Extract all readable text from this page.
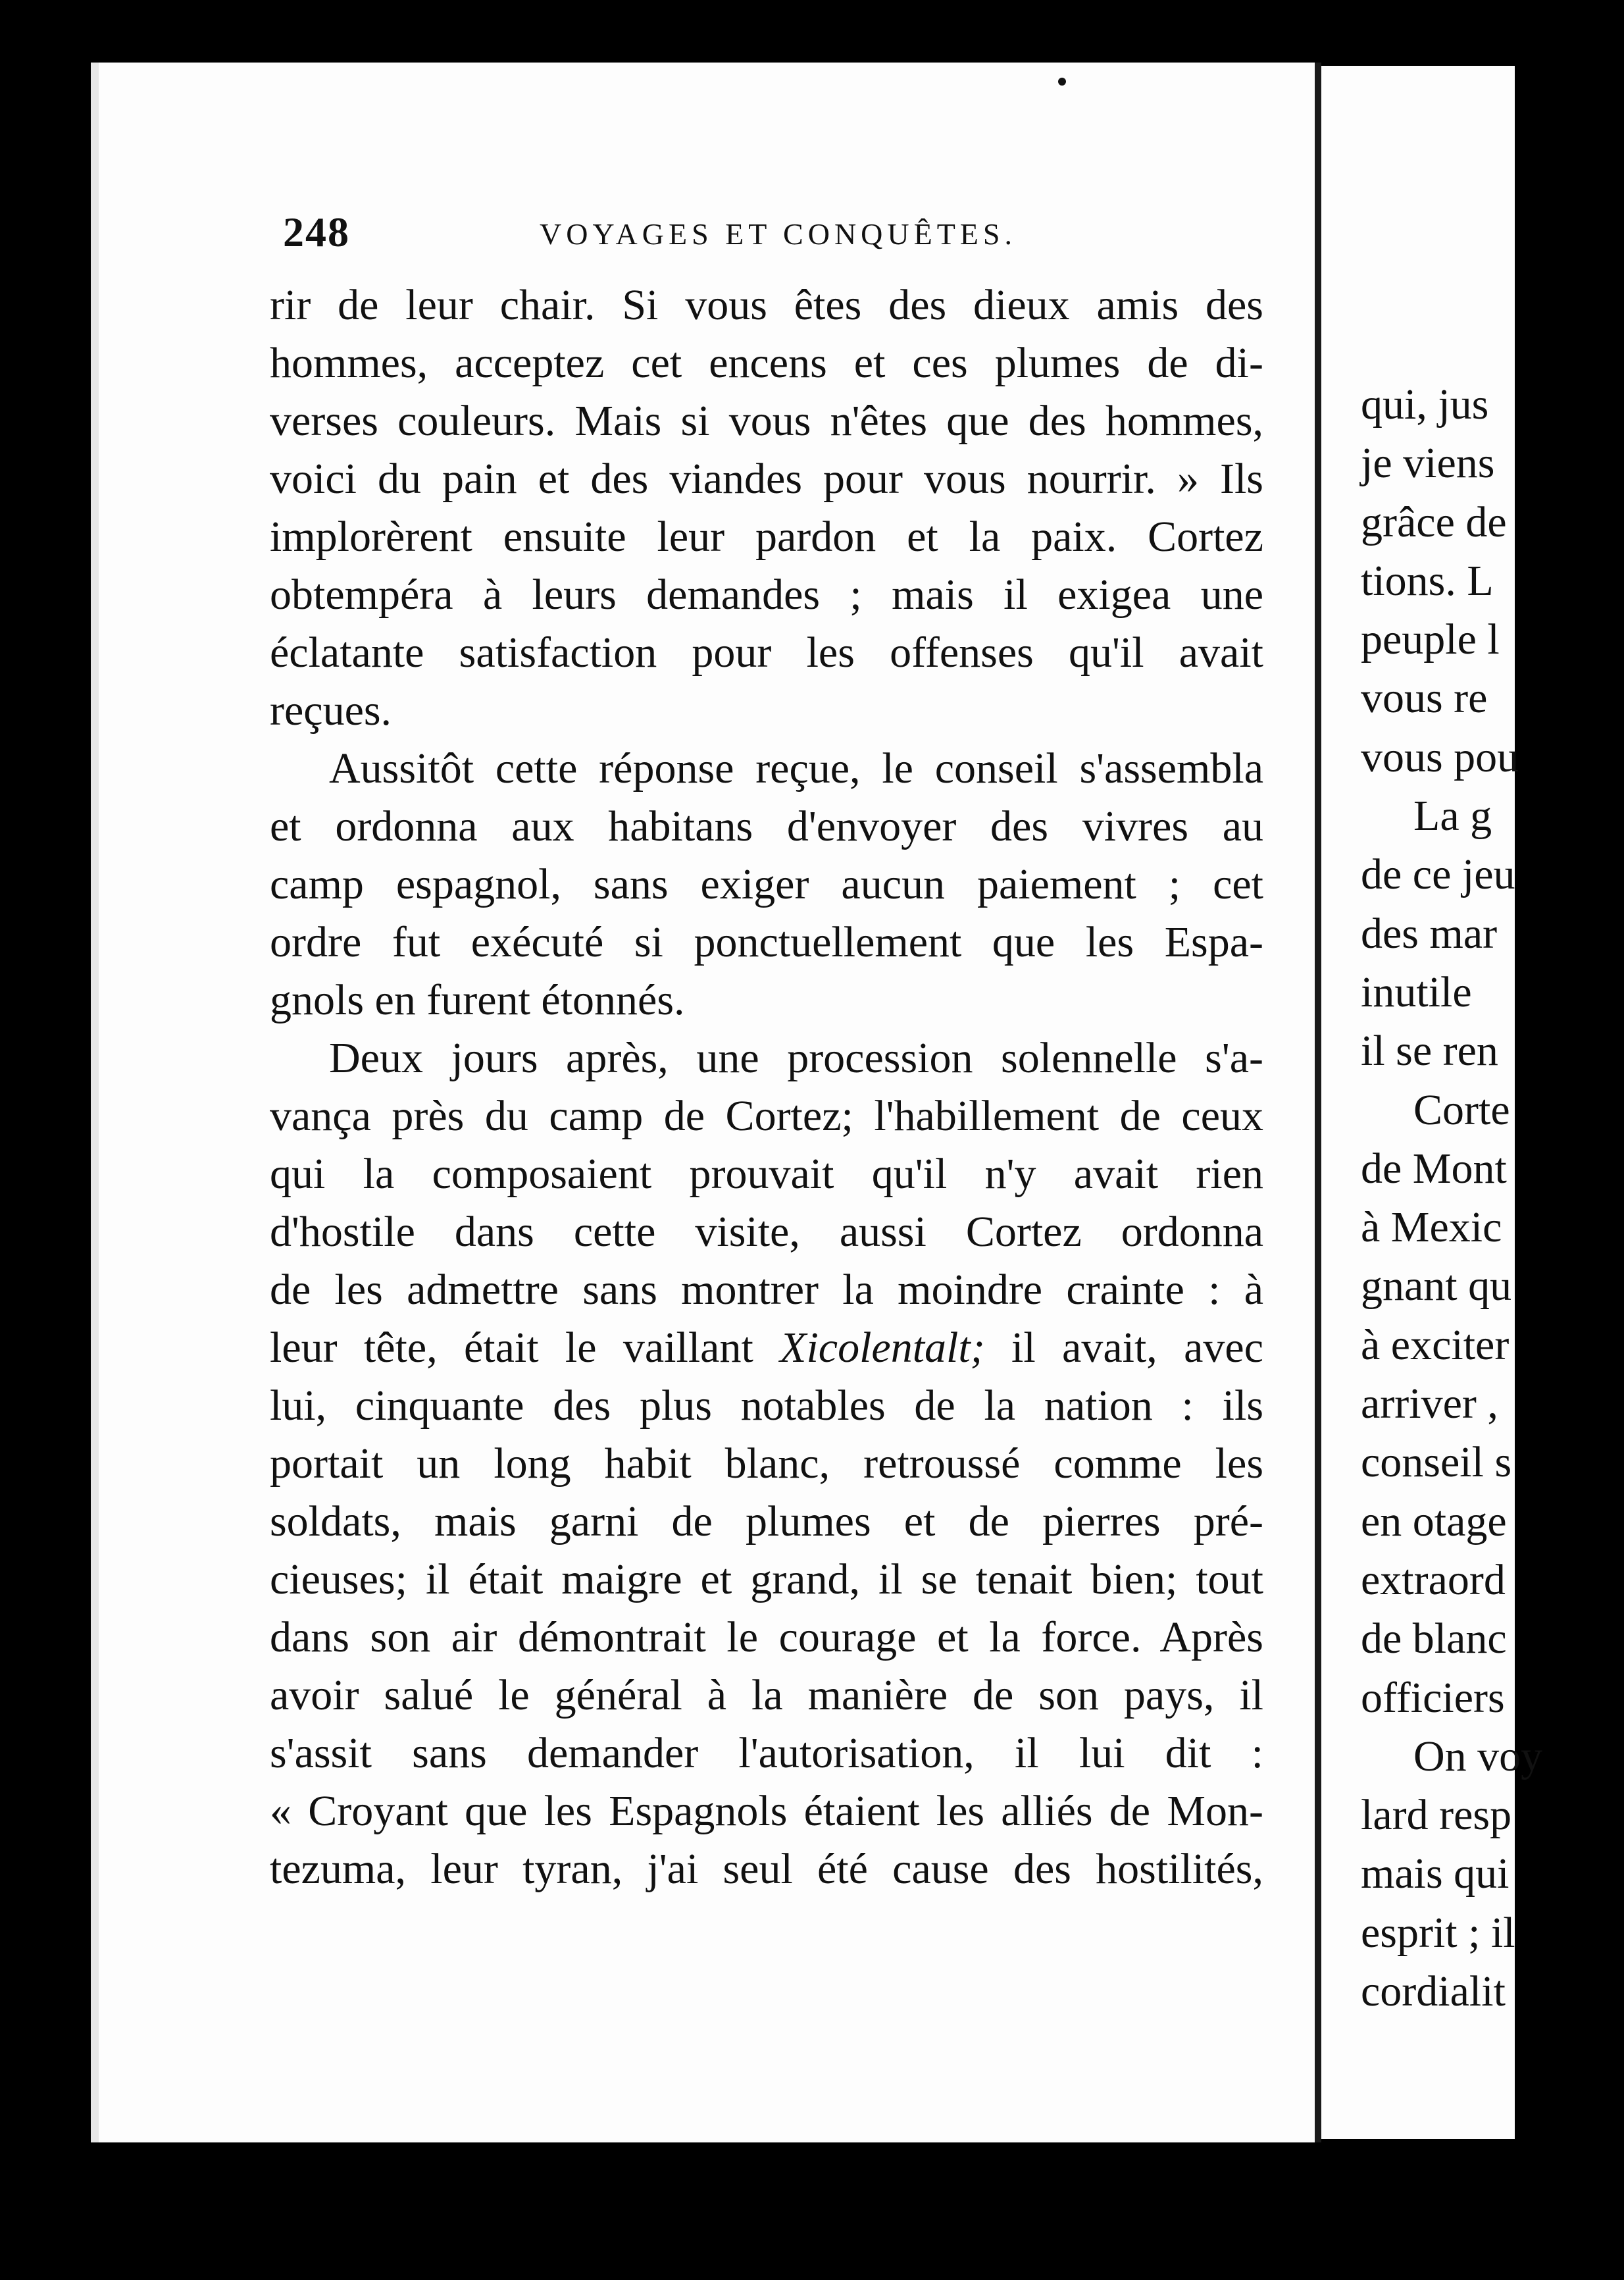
248	VOYAGES ET CONQUÊTES.
rir de leur chair. Si vous êtes des dieux amis des
hommes, acceptez cet encens et ces plumes de di-
verses couleurs. Mais si vous n'êtes que des hommes,
voici du pain et des viandes pour vous nourrir. » Ils
implorèrent ensuite leur pardon et la paix. Cortez
obtempéra à leurs demandes ; mais il exigea une
éclatante satisfaction pour les offenses qu'il avait
reçues.
Aussitôt cette réponse reçue, le conseil s'assembla
et ordonna aux habitans d'envoyer des vivres au
camp espagnol, sans exiger aucun paiement ; cet
ordre fut exécuté si ponctuellement que les Espa-
gnols en furent étonnés.
Deux jours après, une procession solennelle s'a-
vança près du camp de Cortez; l'habillement de ceux
qui la composaient prouvait qu'il n'y avait rien
d'hostile dans cette visite, aussi Cortez ordonna
de les admettre sans montrer la moindre crainte : à
leur tête, était le vaillant Xicolentalt; il avait, avec
lui, cinquante des plus notables de la nation : ils
portait un long habit blanc, retroussé comme les
soldats, mais garni de plumes et de pierres pré-
cieuses; il était maigre et grand, il se tenait bien; tout
dans son air démontrait le courage et la force. Après
avoir salué le général à la manière de son pays, il
s'assit sans demander l'autorisation, il lui dit :
« Croyant que les Espagnols étaient les alliés de Mon-
tezuma, leur tyran, j'ai seul été cause des hostilités,
qui, jus
je viens
grâce de
tions. L
peuple l
vous re
vous pou
La g
de ce jeu
des mar
inutile
il se ren
Corte
de Mont
à Mexic
gnant qu
à exciter
arriver ,
conseil s
en otage
extraord
de blanc
officiers
On voy
lard resp
mais qui
esprit ; il
cordialit
